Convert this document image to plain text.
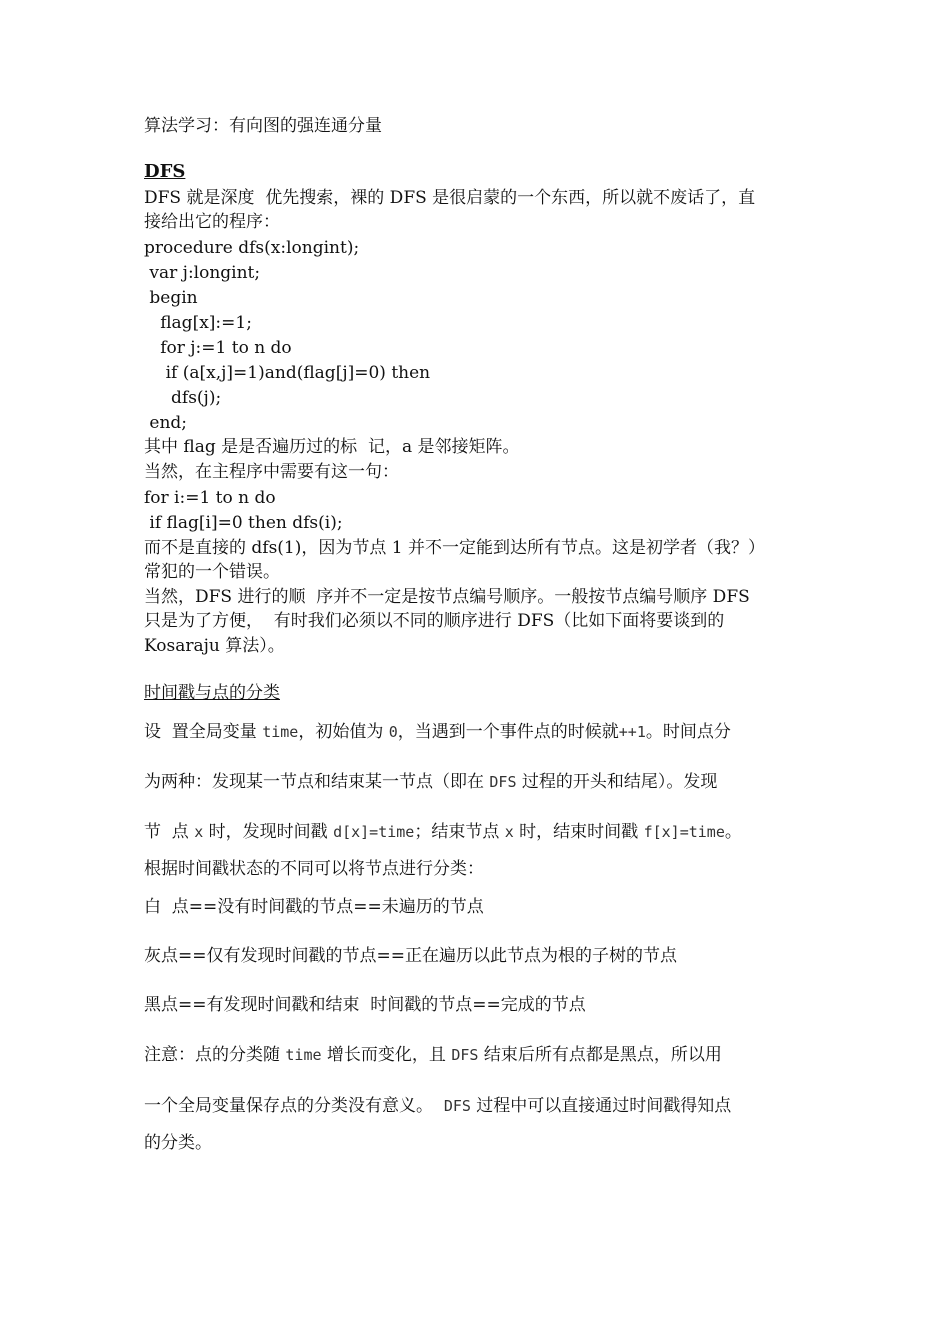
算法学习：有向图的强连通分量
DFS
DFS 就是深度  优先搜索，裸的 DFS 是很启蒙的一个东西，所以就不废话了，直
接给出它的程序：
procedure dfs(x:longint);
var j:longint;
begin
flag[x]:=1;
for j:=1 to n do
if (a[x,j]=1)and(flag[j]=0) then
dfs(j);
end;
其中 flag 是是否遍历过的标  记，a 是邻接矩阵。
当然，在主程序中需要有这一句：
for i:=1 to n do
if flag[i]=0 then dfs(i);
而不是直接的 dfs(1)，因为节点 1 并不一定能到达所有节点。这是初学者（我？）
常犯的一个错误。
当然，DFS 进行的顺  序并不一定是按节点编号顺序。一般按节点编号顺序 DFS
只是为了方便，  有时我们必须以不同的顺序进行 DFS（比如下面将要谈到的
Kosaraju 算法）。
时间戳与点的分类
设  置全局变量 time，初始值为 0，当遇到一个事件点的时候就++1。时间点分
为两种：发现某一节点和结束某一节点（即在 DFS 过程的开头和结尾）。发现
节  点 x 时，发现时间戳 d[x]=time；结束节点 x 时，结束时间戳 f[x]=time。
根据时间戳状态的不同可以将节点进行分类：
白  点==没有时间戳的节点==未遍历的节点
灰点==仅有发现时间戳的节点==正在遍历以此节点为根的子树的节点
黑点==有发现时间戳和结束  时间戳的节点==完成的节点
注意：点的分类随 time 增长而变化，且 DFS 结束后所有点都是黑点，所以用
一个全局变量保存点的分类没有意义。  DFS 过程中可以直接通过时间戳得知点
的分类。
